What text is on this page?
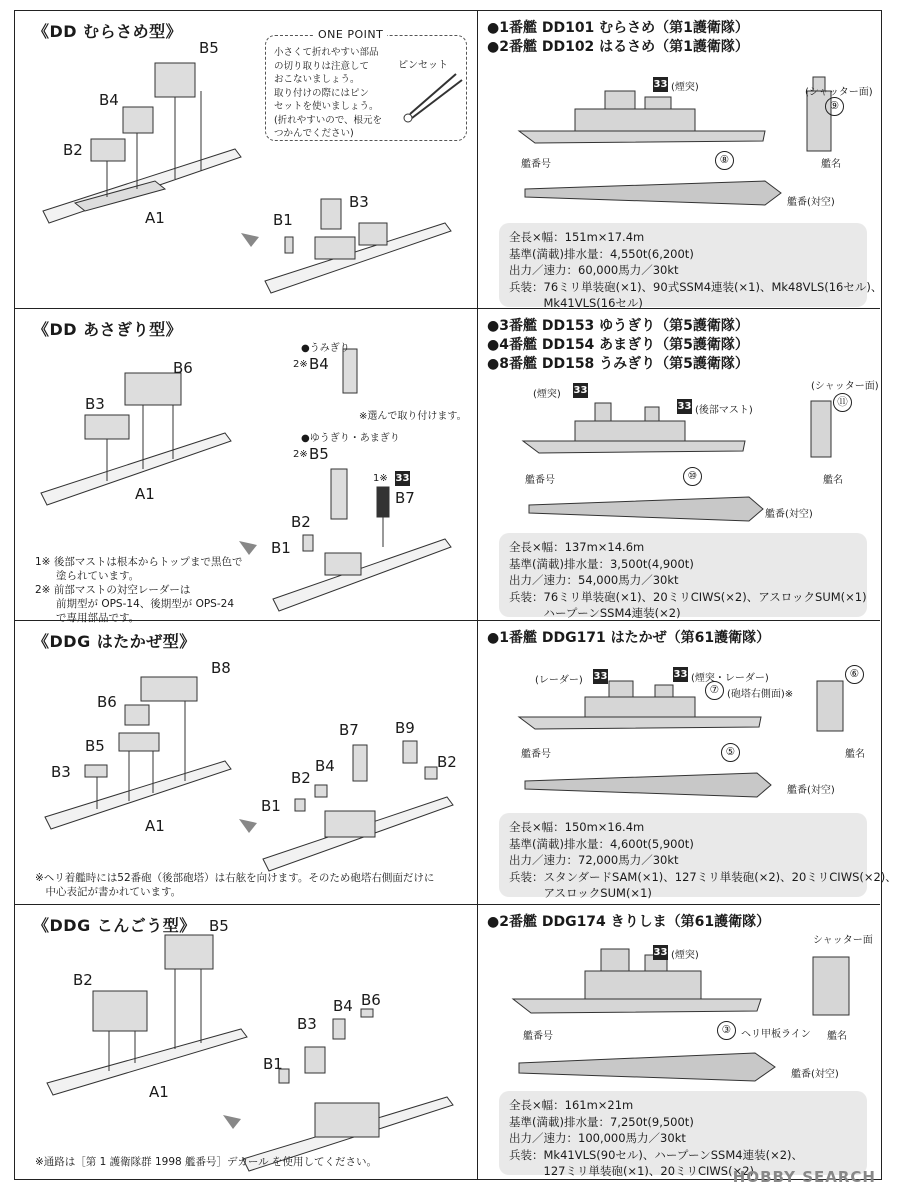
《DD むらさめ型》
B5
B4
B2
A1	B1
B3
ONE POINT
小さくて折れやすい部品
の切り取りは注意して
おこないましょう。
取り付けの際にはピン
セットを使いましょう。
(折れやすいので、根元を
つかんでください)
ピンセット
●1番艦 DD101 むらさめ（第1護衛隊）
●2番艦 DD102 はるさめ（第1護衛隊）
33 (煙突)	(シャッター面)
⑨
艦番号	艦名
⑧
艦番(対空)
全長×幅：151m×17.4m
基準(満載)排水量：4,550t(6,200t)
出力／速力：60,000馬力／30kt
兵装：76ミリ単装砲(×1)、90式SSM4連装(×1)、Mk48VLS(16セル)、
　　　Mk41VLS(16セル)
《DD あさぎり型》
B6
B3
A1
B2
B1
●うみぎり
2※ B4
※選んで取り付けます。
●ゆうぎり・あまぎり
2※ B5
1※ 33
B7
1※ 後部マストは根本からトップまで黒色で
　　塗られています。
2※ 前部マストの対空レーダーは
　　前期型が OPS-14、後期型が OPS-24
　　で専用部品です。
●3番艦 DD153 ゆうぎり（第5護衛隊）
●4番艦 DD154 あまぎり（第5護衛隊）
●8番艦 DD158 うみぎり（第5護衛隊）
(煙突) 33
33 (後部マスト)
(シャッター面)
⑪
艦番号	艦名
⑩
艦番(対空)
全長×幅：137m×14.6m
基準(満載)排水量：3,500t(4,900t)
出力／速力：54,000馬力／30kt
兵装：76ミリ単装砲(×1)、20ミリCIWS(×2)、アスロックSUM(×1)
　　　ハープーンSSM4連装(×2)
《DDG はたかぜ型》
B8
B6
B5
B3
A1
B7 B9
B4
B2
B2
B1
※ヘリ着艦時には52番砲（後部砲塔）は右舷を向けます。そのため砲塔右側面だけに
　中心表記が書かれています。
●1番艦 DDG171 はたかぜ（第61護衛隊）
(レーダー) 33	33 (煙突・レーダー)
⑦ (砲塔右側面)※
⑥
艦番号	艦名
⑤
艦番(対空)
全長×幅：150m×16.4m
基準(満載)排水量：4,600t(5,900t)
出力／速力：72,000馬力／30kt
兵装：スタンダードSAM(×1)、127ミリ単装砲(×2)、20ミリCIWS(×2)、
　　　アスロックSUM(×1)
《DDG こんごう型》 B5
B2
A1
B3
B4 B6
B1
※通路は［第 1 護衛隊群 1998 艦番号］デカール を使用してください。
●2番艦 DDG174 きりしま（第61護衛隊）
33 (煙突)
シャッター面
艦番号	艦名
③ ヘリ甲板ライン
艦番(対空)
全長×幅：161m×21m
基準(満載)排水量：7,250t(9,500t)
出力／速力：100,000馬力／30kt
兵装：Mk41VLS(90セル)、ハープーンSSM4連装(×2)、
　　　127ミリ単装砲(×1)、20ミリCIWS(×2)
HOBBY SEARCH
